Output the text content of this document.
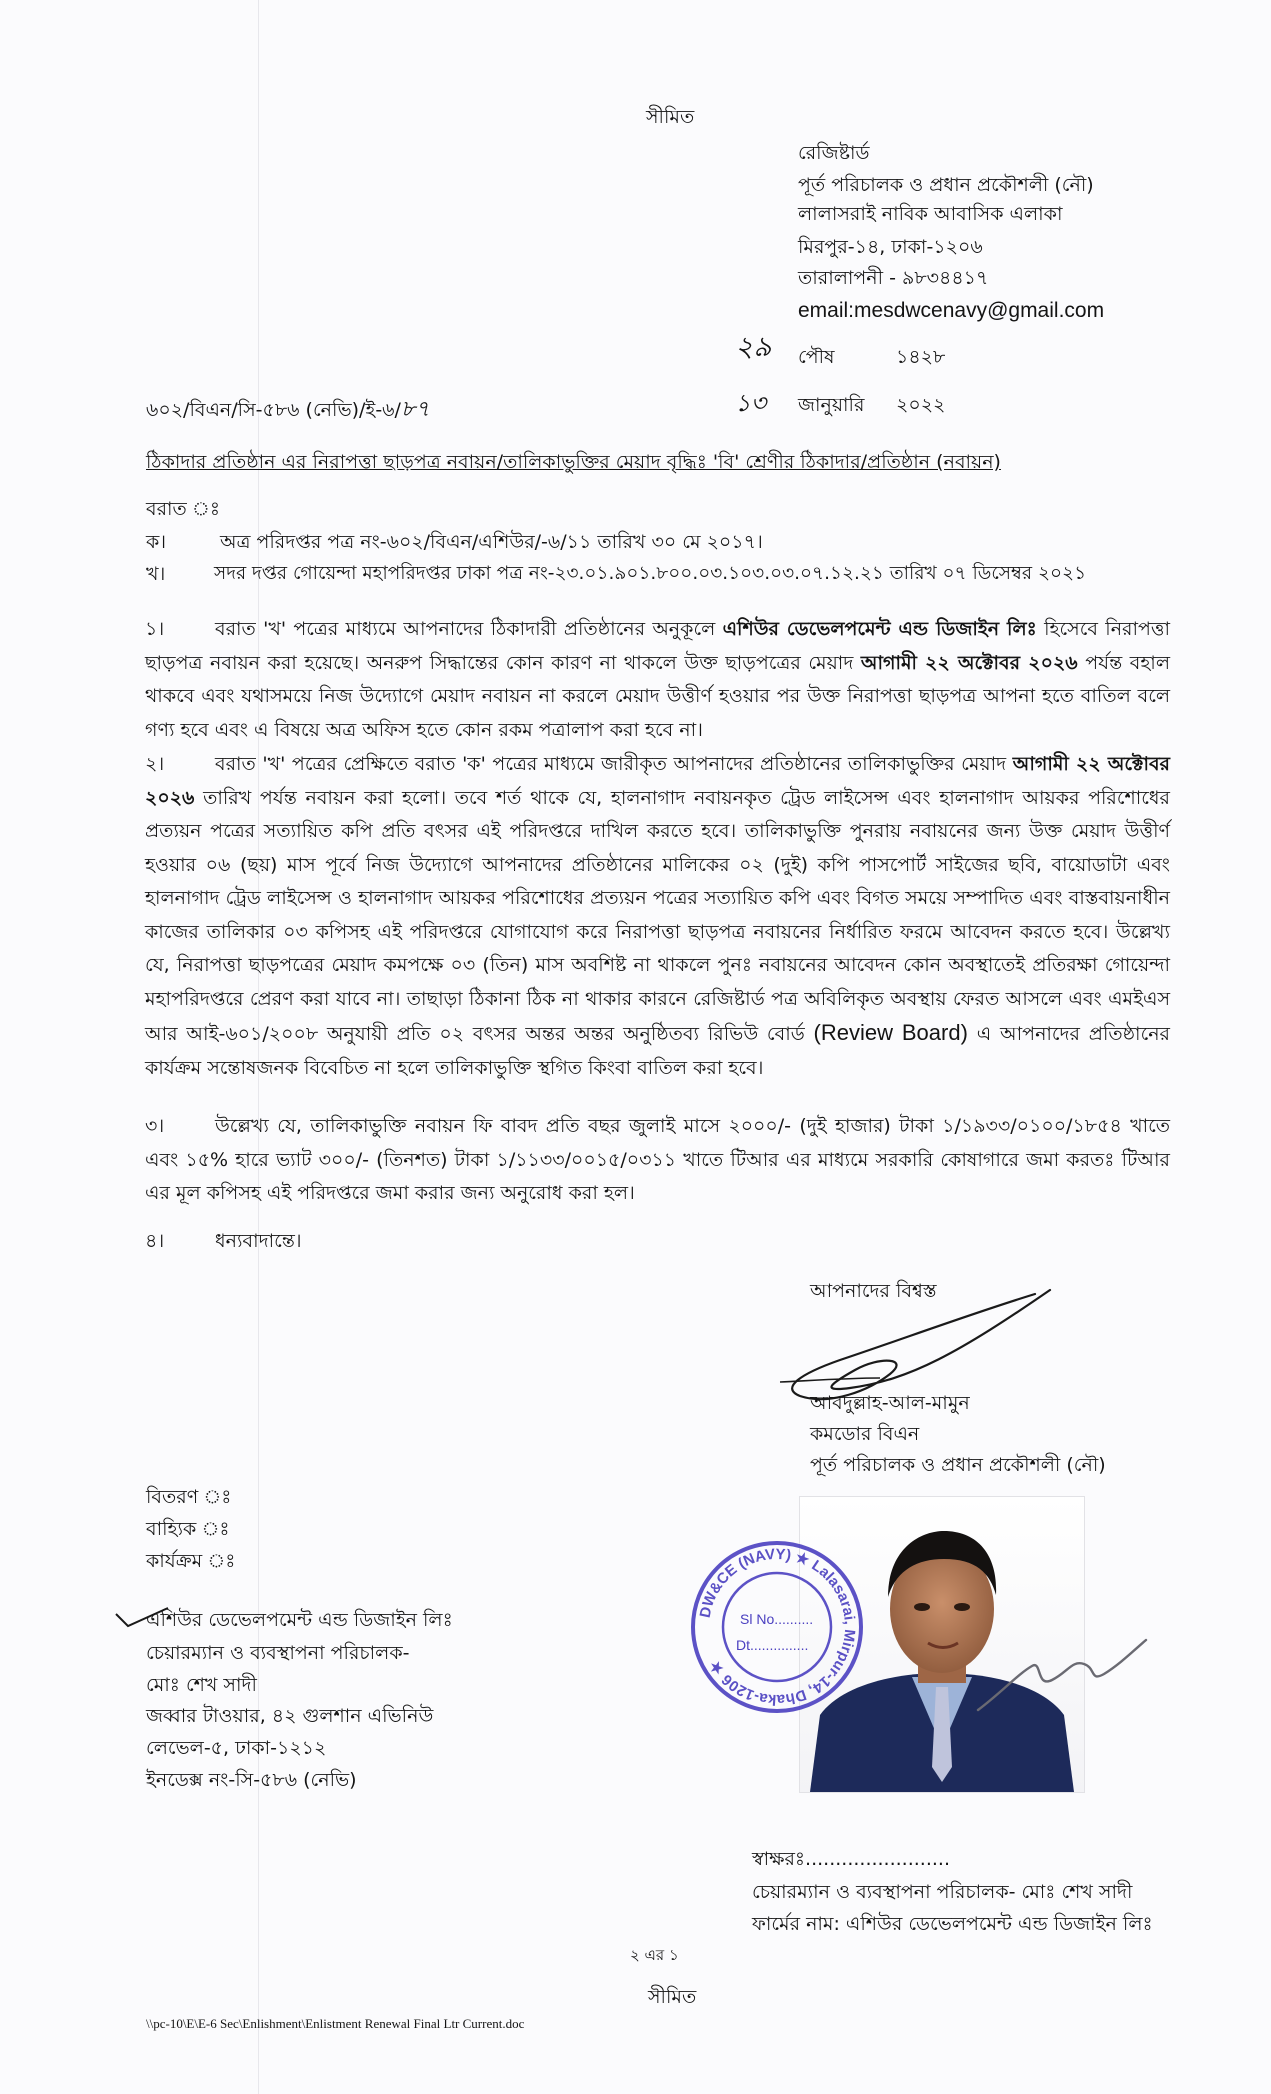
সীমিত
রেজিষ্টার্ড
পূর্ত পরিচালক ও প্রধান প্রকৌশলী (নৌ)
লালাসরাই নাবিক আবাসিক এলাকা
মিরপুর-১৪, ঢাকা-১২০৬
তারালাপনী - ৯৮৩৪৪১৭
email:mesdwcenavy@gmail.com
২৯ পৌষ	১৪২৮
১৩ জানুয়ারি ২০২২
৬০২/বিএন/সি-৫৮৬ (নেভি)/ই-৬/৮৭
ঠিকাদার প্রতিষ্ঠান এর নিরাপত্তা ছাড়পত্র নবায়ন/তালিকাভুক্তির মেয়াদ বৃদ্ধিঃ 'বি' শ্রেণীর ঠিকাদার/প্রতিষ্ঠান (নবায়ন)
বরাত ঃ
ক।	অত্র পরিদপ্তর পত্র নং-৬০২/বিএন/এশিউর/-৬/১১ তারিখ ৩০ মে ২০১৭।
খ।	সদর দপ্তর গোয়েন্দা মহাপরিদপ্তর ঢাকা পত্র নং-২৩.০১.৯০১.৮০০.০৩.১০৩.০৩.০৭.১২.২১ তারিখ ০৭ ডিসেম্বর ২০২১
১।	বরাত 'খ' পত্রের মাধ্যমে আপনাদের ঠিকাদারী প্রতিষ্ঠানের অনুকূলে এশিউর ডেভেলপমেন্ট এন্ড ডিজাইন লিঃ হিসেবে নিরাপত্তা ছাড়পত্র নবায়ন করা হয়েছে। অনরুপ সিদ্ধান্তের কোন কারণ না থাকলে উক্ত ছাড়পত্রের মেয়াদ আগামী ২২ অক্টোবর ২০২৬ পর্যন্ত বহাল থাকবে এবং যথাসময়ে নিজ উদ্যোগে মেয়াদ নবায়ন না করলে মেয়াদ উত্তীর্ণ হওয়ার পর উক্ত নিরাপত্তা ছাড়পত্র আপনা হতে বাতিল বলে গণ্য হবে এবং এ বিষয়ে অত্র অফিস হতে কোন রকম পত্রালাপ করা হবে না।
২।	বরাত 'খ' পত্রের প্রেক্ষিতে বরাত 'ক' পত্রের মাধ্যমে জারীকৃত আপনাদের প্রতিষ্ঠানের তালিকাভুক্তির মেয়াদ আগামী ২২ অক্টোবর ২০২৬ তারিখ পর্যন্ত নবায়ন করা হলো। তবে শর্ত থাকে যে, হালনাগাদ নবায়নকৃত ট্রেড লাইসেন্স এবং হালনাগাদ আয়কর পরিশোধের প্রত্যয়ন পত্রের সত্যায়িত কপি প্রতি বৎসর এই পরিদপ্তরে দাখিল করতে হবে। তালিকাভুক্তি পুনরায় নবায়নের জন্য উক্ত মেয়াদ উত্তীর্ণ হওয়ার ০৬ (ছয়) মাস পূর্বে নিজ উদ্যোগে আপনাদের প্রতিষ্ঠানের মালিকের ০২ (দুই) কপি পাসপোর্ট সাইজের ছবি, বায়োডাটা এবং হালনাগাদ ট্রেড লাইসেন্স ও হালনাগাদ আয়কর পরিশোধের প্রত্যয়ন পত্রের সত্যায়িত কপি এবং বিগত সময়ে সম্পাদিত এবং বাস্তবায়নাধীন কাজের তালিকার ০৩ কপিসহ এই পরিদপ্তরে যোগাযোগ করে নিরাপত্তা ছাড়পত্র নবায়নের নির্ধারিত ফরমে আবেদন করতে হবে। উল্লেখ্য যে, নিরাপত্তা ছাড়পত্রের মেয়াদ কমপক্ষে ০৩ (তিন) মাস অবশিষ্ট না থাকলে পুনঃ নবায়নের আবেদন কোন অবস্থাতেই প্রতিরক্ষা গোয়েন্দা মহাপরিদপ্তরে প্রেরণ করা যাবে না। তাছাড়া ঠিকানা ঠিক না থাকার কারনে রেজিষ্টার্ড পত্র অবিলিকৃত অবস্থায় ফেরত আসলে এবং এমইএস আর আই-৬০১/২০০৮ অনুযায়ী প্রতি ০২ বৎসর অন্তর অন্তর অনুষ্ঠিতব্য রিভিউ বোর্ড (Review Board) এ আপনাদের প্রতিষ্ঠানের কার্যক্রম সন্তোষজনক বিবেচিত না হলে তালিকাভুক্তি স্থগিত কিংবা বাতিল করা হবে।
৩।	উল্লেখ্য যে, তালিকাভুক্তি নবায়ন ফি বাবদ প্রতি বছর জুলাই মাসে ২০০০/- (দুই হাজার) টাকা ১/১৯৩৩/০১০০/১৮৫৪ খাতে এবং ১৫% হারে ভ্যাট ৩০০/- (তিনশত) টাকা ১/১১৩৩/০০১৫/০৩১১ খাতে টিআর এর মাধ্যমে সরকারি কোষাগারে জমা করতঃ টিআর এর মূল কপিসহ এই পরিদপ্তরে জমা করার জন্য অনুরোধ করা হল।
৪।	ধন্যবাদান্তে।
আপনাদের বিশ্বস্ত
আবদুল্লাহ-আল-মামুন
কমডোর বিএন
পূর্ত পরিচালক ও প্রধান প্রকৌশলী (নৌ)
বিতরণ ঃ
বাহ্যিক ঃ
কার্যক্রম ঃ
এশিউর ডেভেলপমেন্ট এন্ড ডিজাইন লিঃ
চেয়ারম্যান ও ব্যবস্থাপনা পরিচালক-
মোঃ শেখ সাদী
জব্বার টাওয়ার, ৪২ গুলশান এভিনিউ
লেভেল-৫, ঢাকা-১২১২
ইনডেক্স নং-সি-৫৮৬ (নেভি)
DW&CE (NAVY) ★ Lalasarai, Mirpur-14, Dhaka-1206 ★
Sl No..........
Dt...............
স্বাক্ষরঃ........................
চেয়ারম্যান ও ব্যবস্থাপনা পরিচালক- মোঃ শেখ সাদী
ফার্মের নাম: এশিউর ডেভেলপমেন্ট এন্ড ডিজাইন লিঃ
২ এর ১
সীমিত
\\pc-10\E\E-6 Sec\Enlishment\Enlistment Renewal Final Ltr Current.doc
